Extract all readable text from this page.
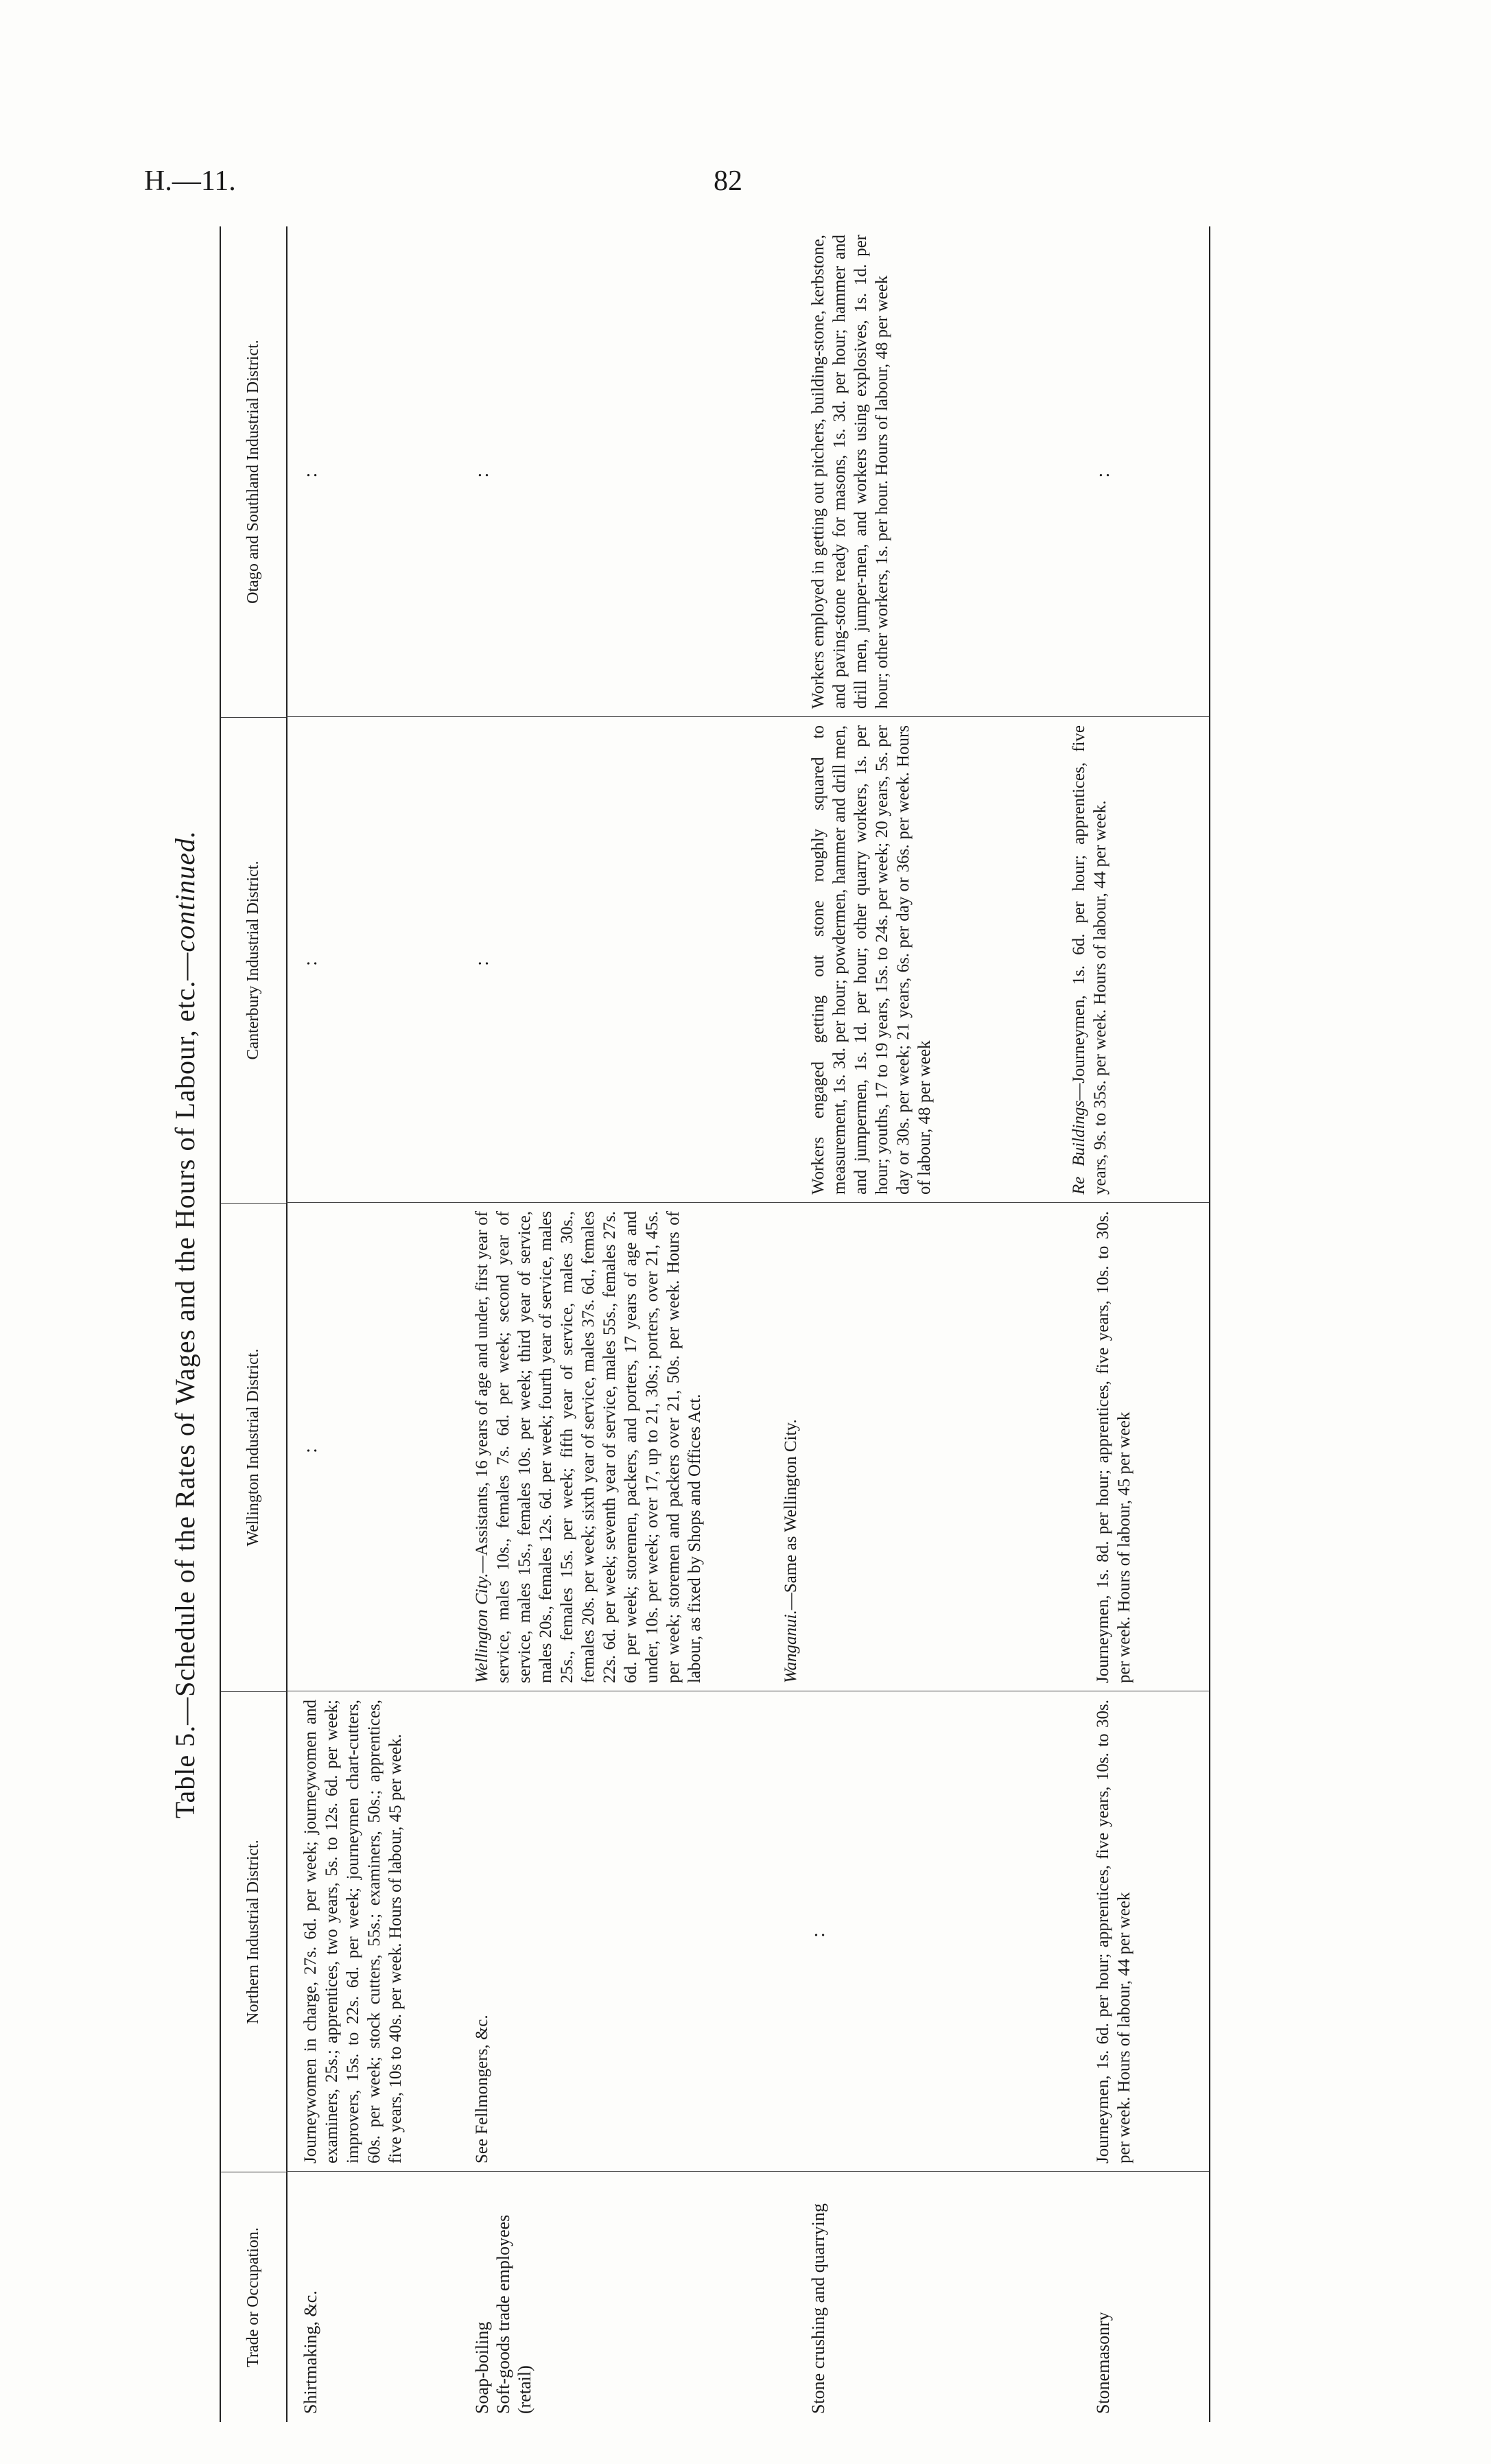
H.—11.	82
Table 5.—Schedule of the Rates of Wages and the Hours of Labour, etc.—continued.
Trade or Occupation.
Northern Industrial District.
Wellington Industrial District.
Canterbury Industrial District.
Otago and Southland Industrial District.
Shirtmaking, &c.
Journeywomen in charge, 27s. 6d. per week; journeywomen and examiners, 25s.; apprentices, two years, 5s. to 12s. 6d. per week; improvers, 15s. to 22s. 6d. per week; journeymen chart-cutters, 60s. per week; stock cutters, 55s.; examiners, 50s.; apprentices, five years, 10s to 40s. per week. Hours of labour, 45 per week.
:
:
:
Soap-boiling Soft-goods trade employees (retail)
See Fellmongers, &c.
Wellington City.—Assistants, 16 years of age and under, first year of service, males 10s., females 7s. 6d. per week; second year of service, males 15s., females 10s. per week; third year of service, males 20s., females 12s. 6d. per week; fourth year of service, males 25s., females 15s. per week; fifth year of service, males 30s., females 20s. per week; sixth year of service, males 37s. 6d., females 22s. 6d. per week; seventh year of service, males 55s., females 27s. 6d. per week; storemen, packers, and porters, 17 years of age and under, 10s. per week; over 17, up to 21, 30s.; porters, over 21, 45s. per week; storemen and packers over 21, 50s. per week. Hours of labour, as fixed by Shops and Offices Act.
:
:
Stone crushing and quarrying
:
Wanganui.—Same as Wellington City.
Workers engaged getting out stone roughly squared to measurement, 1s. 3d. per hour; powdermen, hammer and drill men, and jumpermen, 1s. 1d. per hour; other quarry workers, 1s. per hour; youths, 17 to 19 years, 15s. to 24s. per week; 20 years, 5s. per day or 30s. per week; 21 years, 6s. per day or 36s. per week. Hours of labour, 48 per week
Workers employed in getting out pitchers, building-stone, kerbstone, and paving-stone ready for masons, 1s. 3d. per hour; hammer and drill men, jumper-men, and workers using explosives, 1s. 1d. per hour; other workers, 1s. per hour. Hours of labour, 48 per week
Stonemasonry
Journeymen, 1s. 6d. per hour; apprentices, five years, 10s. to 30s. per week. Hours of labour, 44 per week
Journeymen, 1s. 8d. per hour; apprentices, five years, 10s. to 30s. per week. Hours of labour, 45 per week
Re Buildings—Journeymen, 1s. 6d. per hour; apprentices, five years, 9s. to 35s. per week. Hours of labour, 44 per week.
:
